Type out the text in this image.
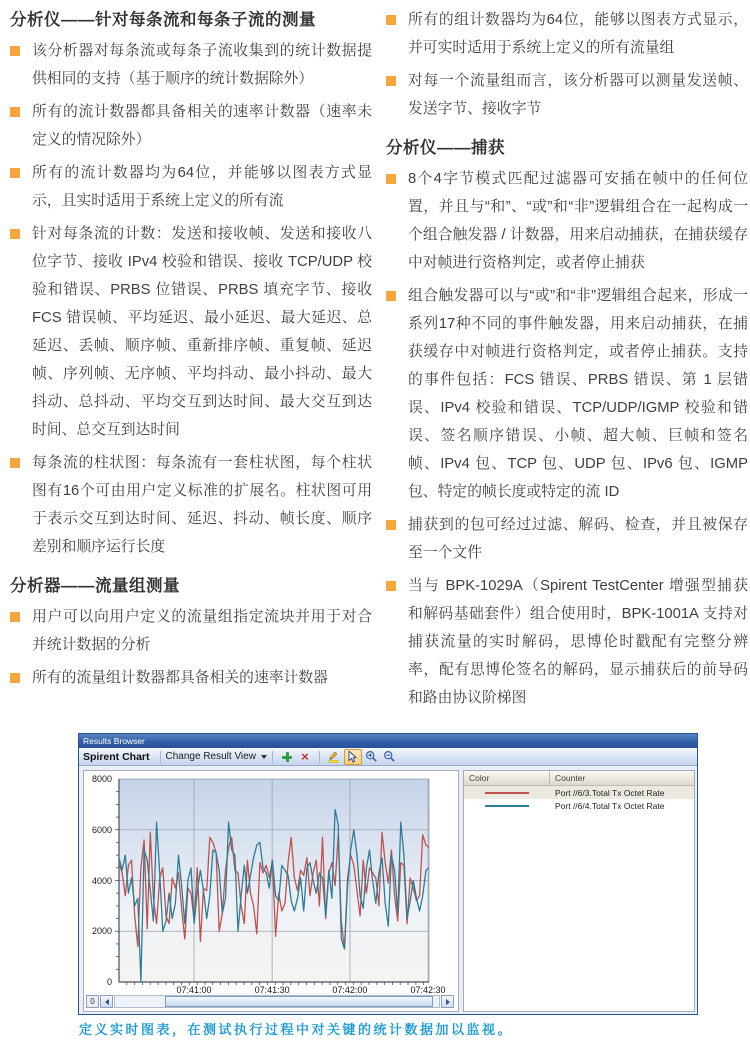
分析仪——针对每条流和每条子流的测量
该分析器对每条流或每条子流收集到的统计数据提供相同的支持（基于顺序的统计数据除外）
所有的流计数器都具备相关的速率计数器（速率未定义的情况除外）
所有的流计数器均为64位，并能够以图表方式显示，且实时适用于系统上定义的所有流
针对每条流的计数：发送和接收帧、发送和接收八位字节、接收 IPv4 校验和错误、接收 TCP/UDP 校验和错误、PRBS 位错误、PRBS 填充字节、接收 FCS 错误帧、平均延迟、最小延迟、最大延迟、总延迟、丢帧、顺序帧、重新排序帧、重复帧、延迟帧、序列帧、无序帧、平均抖动、最小抖动、最大抖动、总抖动、平均交互到达时间、最大交互到达时间、总交互到达时间
每条流的柱状图：每条流有一套柱状图，每个柱状图有16个可由用户定义标准的扩展名。柱状图可用于表示交互到达时间、延迟、抖动、帧长度、顺序差别和顺序运行长度
分析器——流量组测量
用户可以向用户定义的流量组指定流块并用于对合并统计数据的分析
所有的流量组计数器都具备相关的速率计数器
所有的组计数器均为64位，能够以图表方式显示，并可实时适用于系统上定义的所有流量组
对每一个流量组而言，该分析器可以测量发送帧、发送字节、接收字节
分析仪——捕获
8个4字节模式匹配过滤器可安插在帧中的任何位置，并且与“和”、“或”和“非”逻辑组合在一起构成一个组合触发器 / 计数器，用来启动捕获，在捕获缓存中对帧进行资格判定，或者停止捕获
组合触发器可以与“或”和“非”逻辑组合起来，形成一系列17种不同的事件触发器，用来启动捕获，在捕获缓存中对帧进行资格判定，或者停止捕获。支持的事件包括：FCS 错误、PRBS 错误、第 1 层错误、IPv4 校验和错误、TCP/UDP/IGMP 校验和错误、签名顺序错误、小帧、超大帧、巨帧和签名帧、IPv4 包、TCP 包、UDP 包、IPv6 包、IGMP 包、特定的帧长度或特定的流 ID
捕获到的包可经过过滤、解码、检查，并且被保存至一个文件
当与 BPK-1029A（Spirent TestCenter 增强型捕获和解码基础套件）组合使用时，BPK-1001A 支持对捕获流量的实时解码，思博伦时戳配有完整分辨率，配有思博伦签名的解码，显示捕获后的前导码和路由协议阶梯图
Results Browser
Spirent Chart Change Result View	×
0
2000
4000
6000
8000
07:41:00	07:41:30	07:42:00	07:42:30
0
Color	Counter
Port //6/3.Total Tx Octet Rate
Port //6/4.Total Tx Octet Rate
定义实时图表，在测试执行过程中对关键的统计数据加以监视。
